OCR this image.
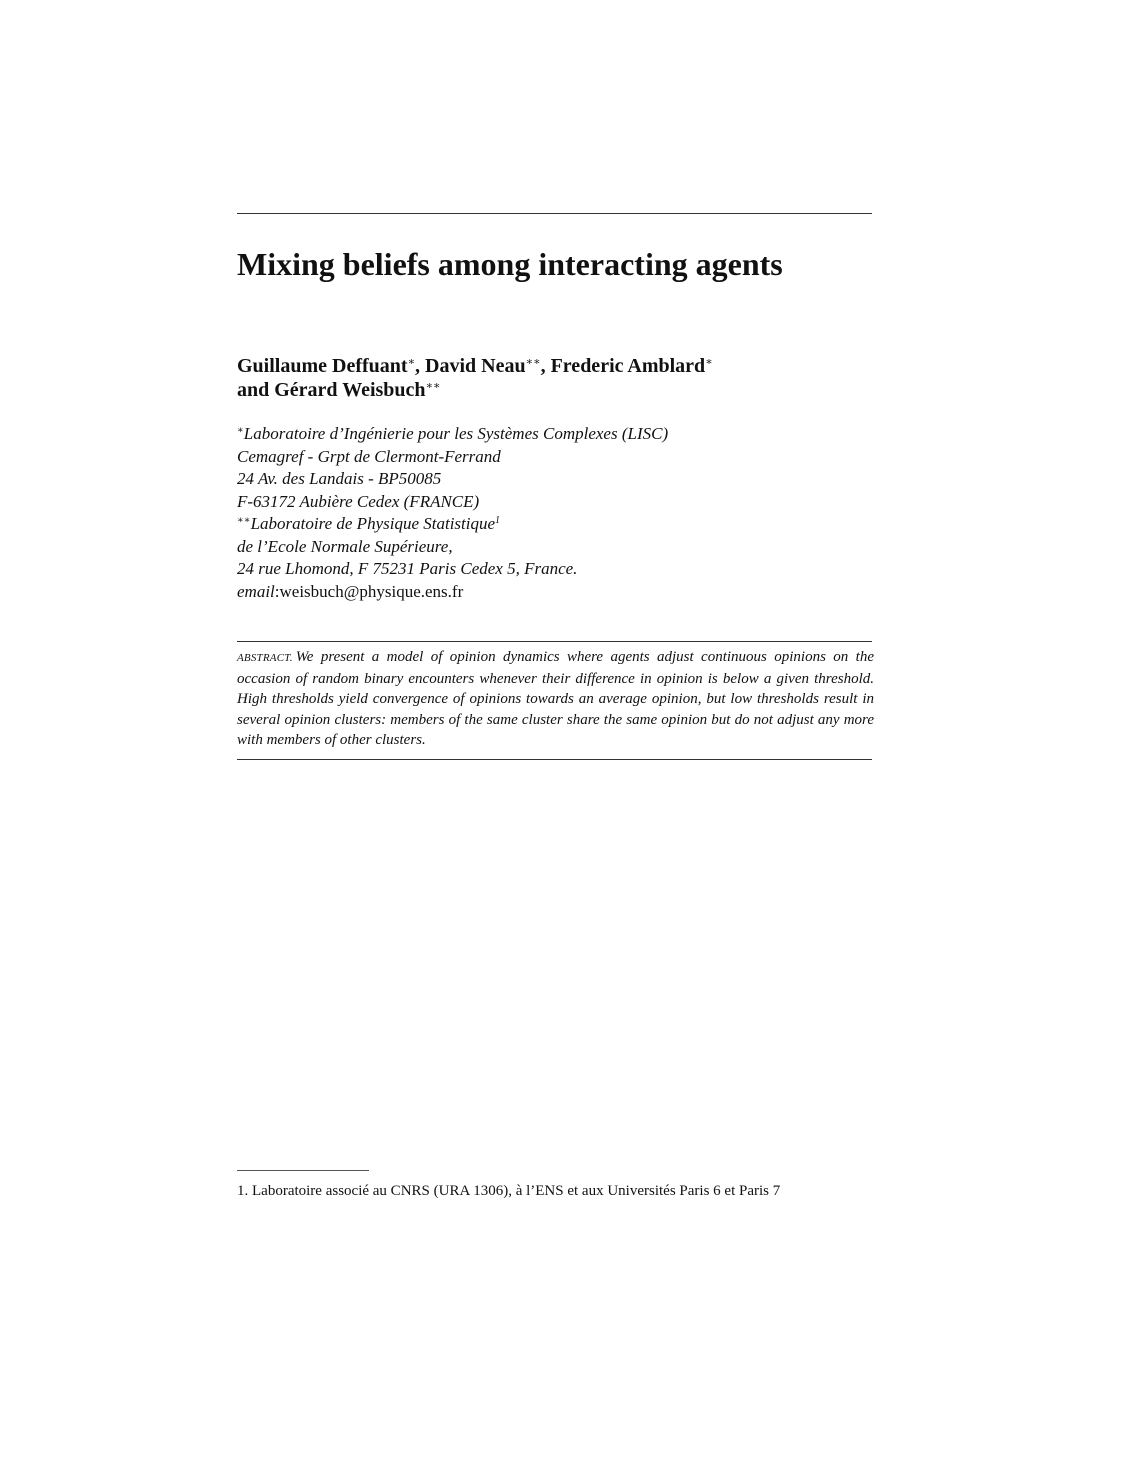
Mixing beliefs among interacting agents
Guillaume Deffuant∗, David Neau∗∗, Frederic Amblard∗
and Gérard Weisbuch∗∗
∗Laboratoire d’Ingénierie pour les Systèmes Complexes (LISC)
Cemagref - Grpt de Clermont-Ferrand
24 Av. des Landais - BP50085
F-63172 Aubière Cedex (FRANCE)
∗∗Laboratoire de Physique Statistique$^1$
de l’Ecole Normale Supérieure,
24 rue Lhomond, F 75231 Paris Cedex 5, France.
email:weisbuch@physique.ens.fr
ABSTRACT. We present a model of opinion dynamics where agents adjust continuous opinions on the occasion of random binary encounters whenever their difference in opinion is below a given threshold. High thresholds yield convergence of opinions towards an average opinion, but low thresholds result in several opinion clusters: members of the same cluster share the same opinion but do not adjust any more with members of other clusters.
1. Laboratoire associé au CNRS (URA 1306), à l’ENS et aux Universités Paris 6 et Paris 7
